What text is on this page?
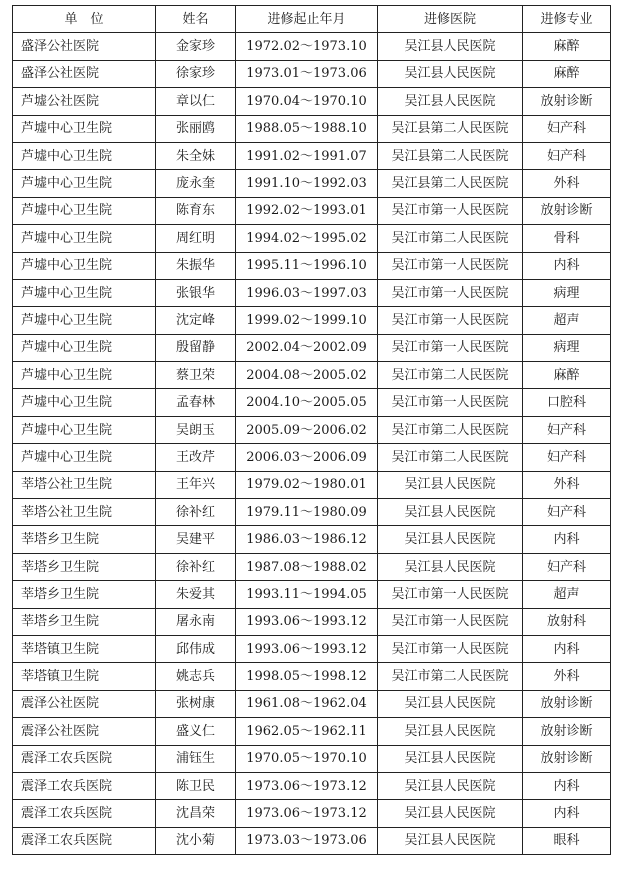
单　位	姓名	进修起止年月	进修医院	进修专业
盛泽公社医院	金家珍	1972.02～1973.10	吴江县人民医院	麻醉
盛泽公社医院	徐家珍	1973.01～1973.06	吴江县人民医院	麻醉
芦墟公社医院	章以仁	1970.04～1970.10	吴江县人民医院	放射诊断
芦墟中心卫生院	张丽鸥	1988.05～1988.10	吴江县第二人民医院	妇产科
芦墟中心卫生院	朱全妹	1991.02～1991.07	吴江县第二人民医院	妇产科
芦墟中心卫生院	庞永奎	1991.10～1992.03	吴江县第二人民医院	外科
芦墟中心卫生院	陈育东	1992.02～1993.01	吴江市第一人民医院	放射诊断
芦墟中心卫生院	周红明	1994.02～1995.02	吴江市第二人民医院	骨科
芦墟中心卫生院	朱振华	1995.11～1996.10	吴江市第一人民医院	内科
芦墟中心卫生院	张银华	1996.03～1997.03	吴江市第一人民医院	病理
芦墟中心卫生院	沈定峰	1999.02～1999.10	吴江市第一人民医院	超声
芦墟中心卫生院	殷留静	2002.04～2002.09	吴江市第一人民医院	病理
芦墟中心卫生院	蔡卫荣	2004.08～2005.02	吴江市第二人民医院	麻醉
芦墟中心卫生院	孟春林	2004.10～2005.05	吴江市第一人民医院	口腔科
芦墟中心卫生院	吴朗玉	2005.09～2006.02	吴江市第二人民医院	妇产科
芦墟中心卫生院	王改芹	2006.03～2006.09	吴江市第二人民医院	妇产科
莘塔公社卫生院	王年兴	1979.02～1980.01	吴江县人民医院	外科
莘塔公社卫生院	徐补红	1979.11～1980.09	吴江县人民医院	妇产科
莘塔乡卫生院	吴建平	1986.03～1986.12	吴江县人民医院	内科
莘塔乡卫生院	徐补红	1987.08～1988.02	吴江县人民医院	妇产科
莘塔乡卫生院	朱爱其	1993.11～1994.05	吴江市第一人民医院	超声
莘塔乡卫生院	屠永南	1993.06～1993.12	吴江市第一人民医院	放射科
莘塔镇卫生院	邱伟成	1993.06～1993.12	吴江市第一人民医院	内科
莘塔镇卫生院	姚志兵	1998.05～1998.12	吴江市第二人民医院	外科
震泽公社医院	张树康	1961.08～1962.04	吴江县人民医院	放射诊断
震泽公社医院	盛义仁	1962.05～1962.11	吴江县人民医院	放射诊断
震泽工农兵医院	浦钰生	1970.05～1970.10	吴江县人民医院	放射诊断
震泽工农兵医院	陈卫民	1973.06～1973.12	吴江县人民医院	内科
震泽工农兵医院	沈昌荣	1973.06～1973.12	吴江县人民医院	内科
震泽工农兵医院	沈小菊	1973.03～1973.06	吴江县人民医院	眼科
